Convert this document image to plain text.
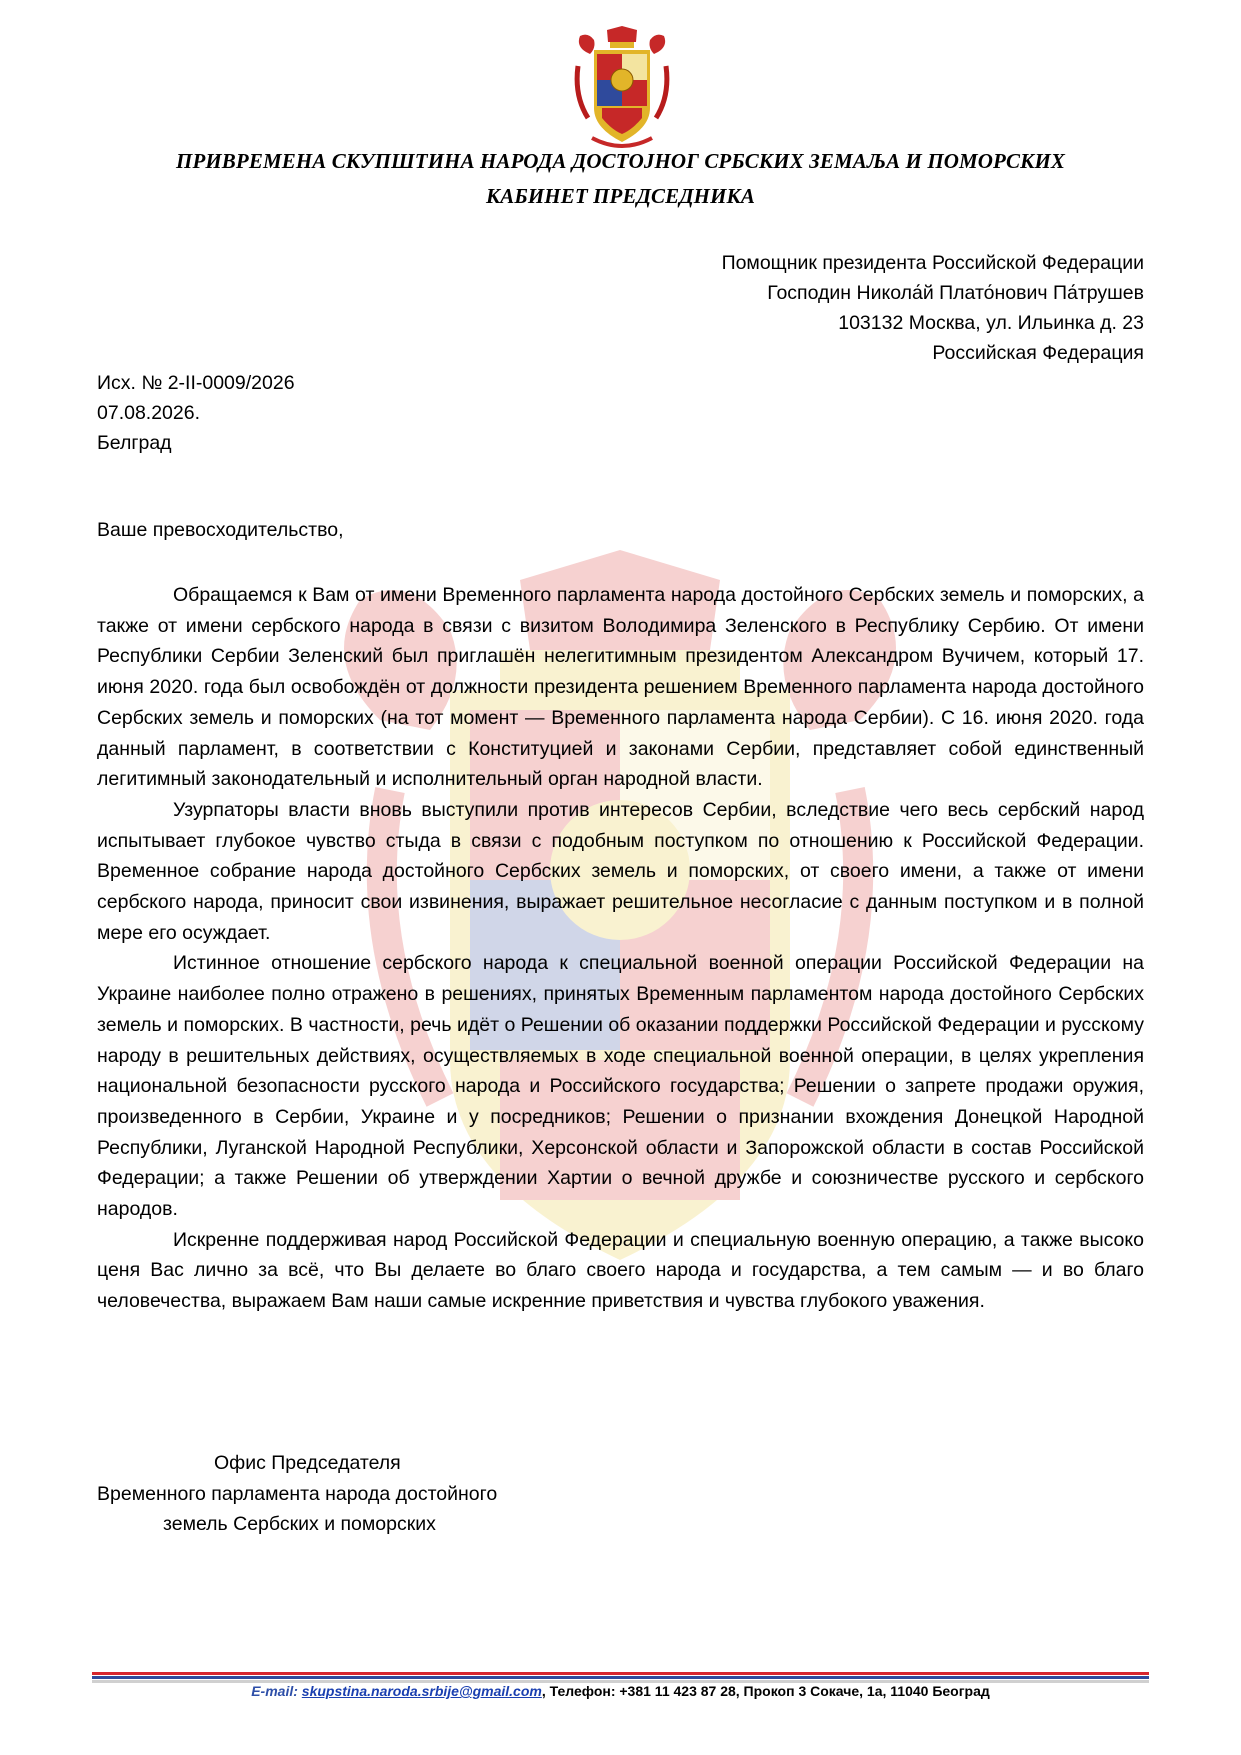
ПРИВРЕМЕНА СКУПШТИНА НАРОДА ДОСТОЈНОГ СРБСКИХ ЗЕМАЉА И ПОМОРСКИХ
КАБИНЕТ ПРЕДСЕДНИКА
Помощник президента Российской Федерации
Господин Никола́й Плато́нович Па́трушев
103132 Москва, ул. Ильинка д. 23
Российская Федерация
Исх. № 2-II-0009/2026
07.08.2026.
Белград
Ваше превосходительство,

Обращаемся к Вам от имени Временного парламента народа достойного Сербских земель и поморских, а также от имени сербского народа в связи с визитом Володимира Зеленского в Республику Сербию. От имени Республики Сербии Зеленский был приглашён нелегитимным президентом Александром Вучичем, который 17. июня 2020. года был освобождён от должности президента решением Временного парламента народа достойного Сербских земель и поморских (на тот момент — Временного парламента народа Сербии). С 16. июня 2020. года данный парламент, в соответствии с Конституцией и законами Сербии, представляет собой единственный легитимный законодательный и исполнительный орган народной власти.

Узурпаторы власти вновь выступили против интересов Сербии, вследствие чего весь сербский народ испытывает глубокое чувство стыда в связи с подобным поступком по отношению к Российской Федерации. Временное собрание народа достойного Сербских земель и поморских, от своего имени, а также от имени сербского народа, приносит свои извинения, выражает решительное несогласие с данным поступком и в полной мере его осуждает.

Истинное отношение сербского народа к специальной военной операции Российской Федерации на Украине наиболее полно отражено в решениях, принятых Временным парламентом народа достойного Сербских земель и поморских. В частности, речь идёт о Решении об оказании поддержки Российской Федерации и русскому народу в решительных действиях, осуществляемых в ходе специальной военной операции, в целях укрепления национальной безопасности русского народа и Российского государства; Решении о запрете продажи оружия, произведенного в Сербии, Украине и у посредников; Решении о признании вхождения Донецкой Народной Республики, Луганской Народной Республики, Херсонской области и Запорожской области в состав Российской Федерации; а также Решении об утверждении Хартии о вечной дружбе и союзничестве русского и сербского народов.

Искренне поддерживая народ Российской Федерации и специальную военную операцию, а также высоко ценя Вас лично за всё, что Вы делаете во благо своего народа и государства, а тем самым — и во благо человечества, выражаем Вам наши самые искренние приветствия и чувства глубокого уважения.

Офис Председателя
Временного парламента народа достойного
земель Сербских и поморских
E-mail: skupstina.naroda.srbije@gmail.com, Телефон: +381 11 423 87 28, Прокоп 3 Сокаче, 1а, 11040 Београд
